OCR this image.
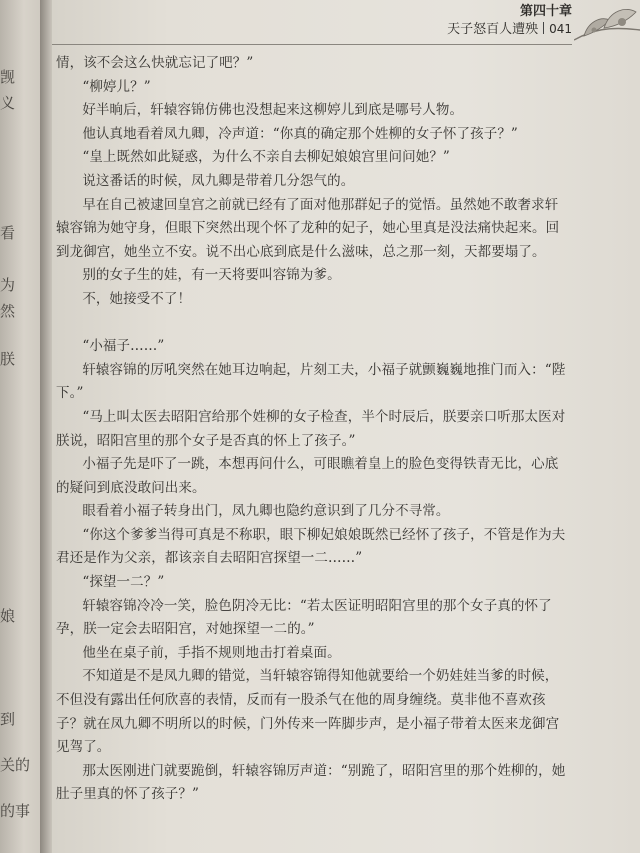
觊
义
看
为
然
朕
娘
到
关的
的事
第四十章
天子怒百人遭殃 041

情，该不会这么快就忘记了吧？”

“柳婷儿？”

好半晌后，轩辕容锦仿佛也没想起来这柳婷儿到底是哪号人物。

他认真地看着凤九卿，冷声道：“你真的确定那个姓柳的女子怀了孩子？”

“皇上既然如此疑惑，为什么不亲自去柳妃娘娘宫里问问她？”

说这番话的时候，凤九卿是带着几分怨气的。

早在自己被逮回皇宫之前就已经有了面对他那群妃子的觉悟。虽然她不敢奢求轩辕容锦为她守身，但眼下突然出现个怀了龙种的妃子，她心里真是没法痛快起来。回到龙御宫，她坐立不安。说不出心底到底是什么滋味，总之那一刻，天都要塌了。

别的女子生的娃，有一天将要叫容锦为爹。

不，她接受不了！

“小福子……”

轩辕容锦的厉吼突然在她耳边响起，片刻工夫，小福子就颤巍巍地推门而入：“陛下。”

“马上叫太医去昭阳宫给那个姓柳的女子检查，半个时辰后，朕要亲口听那太医对朕说，昭阳宫里的那个女子是否真的怀上了孩子。”

小福子先是吓了一跳，本想再问什么，可眼瞧着皇上的脸色变得铁青无比，心底的疑问到底没敢问出来。

眼看着小福子转身出门，凤九卿也隐约意识到了几分不寻常。

“你这个爹爹当得可真是不称职，眼下柳妃娘娘既然已经怀了孩子，不管是作为夫君还是作为父亲，都该亲自去昭阳宫探望一二……”

“探望一二？”

轩辕容锦冷冷一笑，脸色阴冷无比：“若太医证明昭阳宫里的那个女子真的怀了孕，朕一定会去昭阳宫，对她探望一二的。”

他坐在桌子前，手指不规则地击打着桌面。

不知道是不是凤九卿的错觉，当轩辕容锦得知他就要给一个奶娃娃当爹的时候，不但没有露出任何欣喜的表情，反而有一股杀气在他的周身缠绕。莫非他不喜欢孩子？就在凤九卿不明所以的时候，门外传来一阵脚步声，是小福子带着太医来龙御宫见驾了。

那太医刚进门就要跪倒，轩辕容锦厉声道：“别跪了，昭阳宫里的那个姓柳的，她肚子里真的怀了孩子？”
